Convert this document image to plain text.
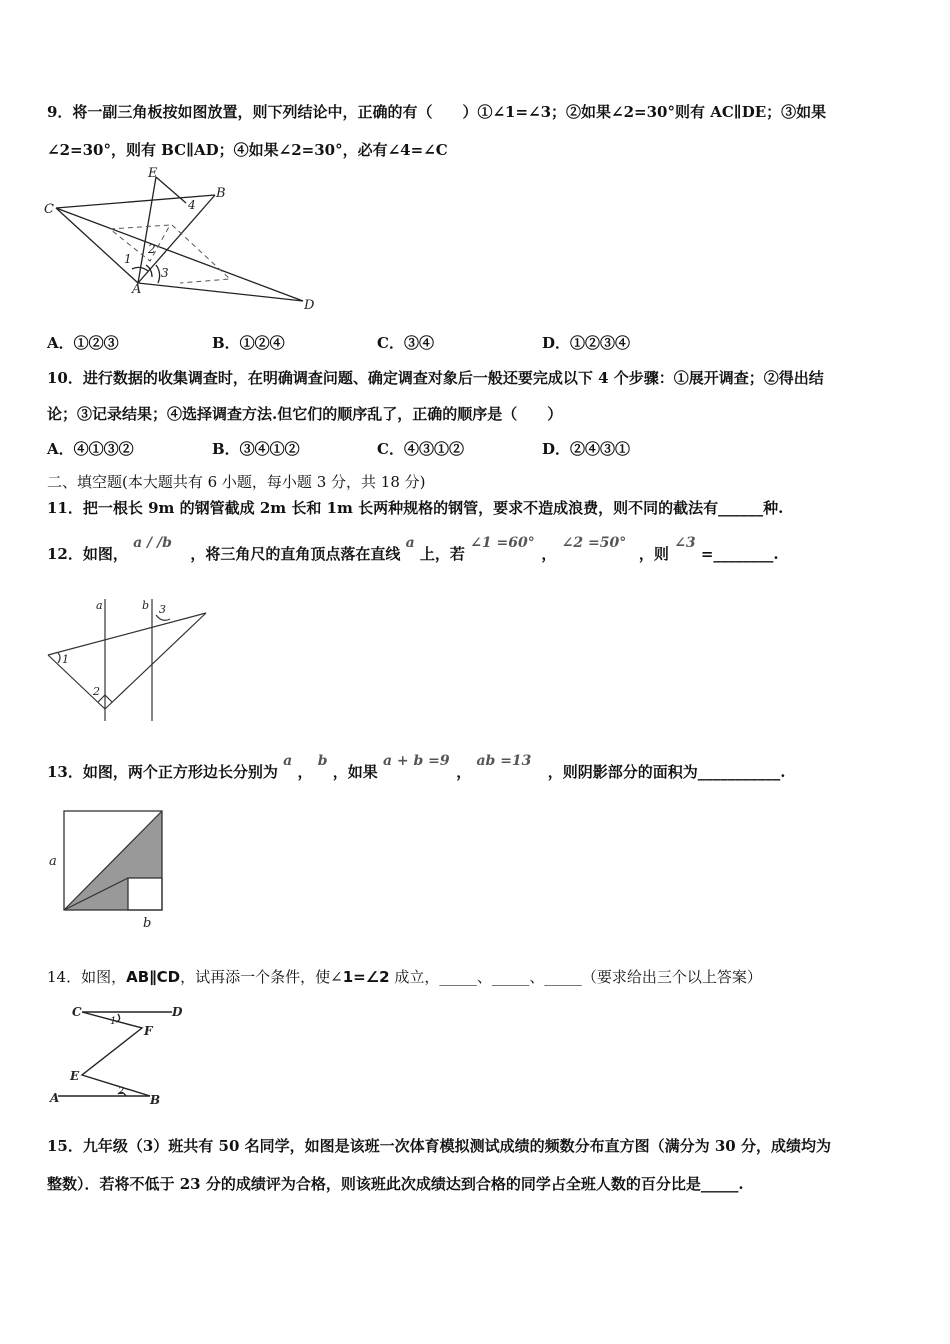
9．将一副三角板按如图放置，则下列结论中，正确的有（　　）①∠1=∠3；②如果∠2=30°则有 AC∥DE；③如果
∠2=30°，则有 BC∥AD；④如果∠2=30°，必有∠4=∠C
E
B
C
A
D
1
2
3
4
A．①②③	B．①②④	C．③④	D．①②③④
10．进行数据的收集调查时，在明确调查问题、确定调查对象后一般还要完成以下 4 个步骤：①展开调查；②得出结
论；③记录结果；④选择调查方法.但它们的顺序乱了，正确的顺序是（　　）
A．④①③②	B．③④①②	C．④③①②	D．②④③①
二、填空题(本大题共有 6 小题，每小题 3 分，共 18 分)
11．把一根长 9m 的钢管截成 2m 长和 1m 长两种规格的钢管，要求不造成浪费，则不同的截法有______种.
12．如图， a / /b ，将三角尺的直角顶点落在直线 a 上，若 ∠1 =60° ， ∠2 =50° ，则 ∠3 =________.
a	b
1
2
3
13．如图，两个正方形边长分别为 a ， b ，如果 a + b =9 ， ab =13 ，则阴影部分的面积为___________.
a
b
14．如图，AB∥CD，试再添一个条件，使∠1=∠2 成立，_____、_____、_____（要求给出三个以上答案）
C	D
F
E
A	B
1
2
15．九年级（3）班共有 50 名同学，如图是该班一次体育模拟测试成绩的频数分布直方图（满分为 30 分，成绩均为
整数）．若将不低于 23 分的成绩评为合格，则该班此次成绩达到合格的同学占全班人数的百分比是_____.
